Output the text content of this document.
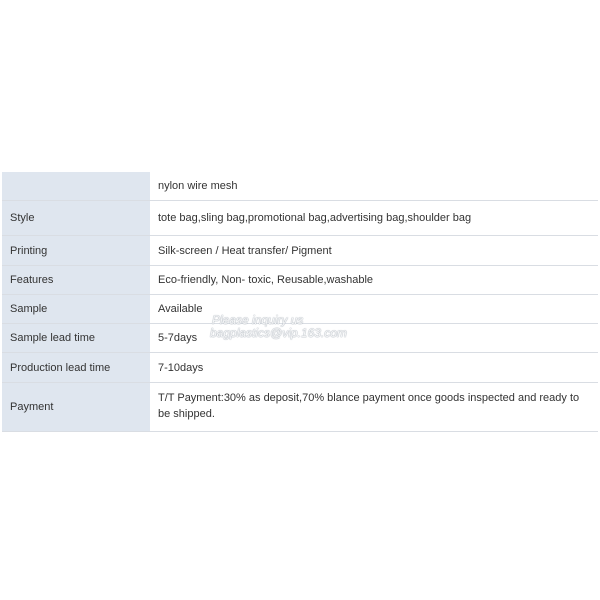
	nylon wire mesh
Style	tote bag,sling bag,promotional bag,advertising bag,shoulder bag
Printing	Silk-screen / Heat transfer/ Pigment
Features	Eco-friendly, Non- toxic, Reusable,washable
Sample	Available
Sample lead time	5-7days
Production lead time	7-10days
Payment	T/T Payment:30% as deposit,70% blance payment once goods inspected and ready to be shipped.
Please inquiry us
bagplastics@vip.163.com
